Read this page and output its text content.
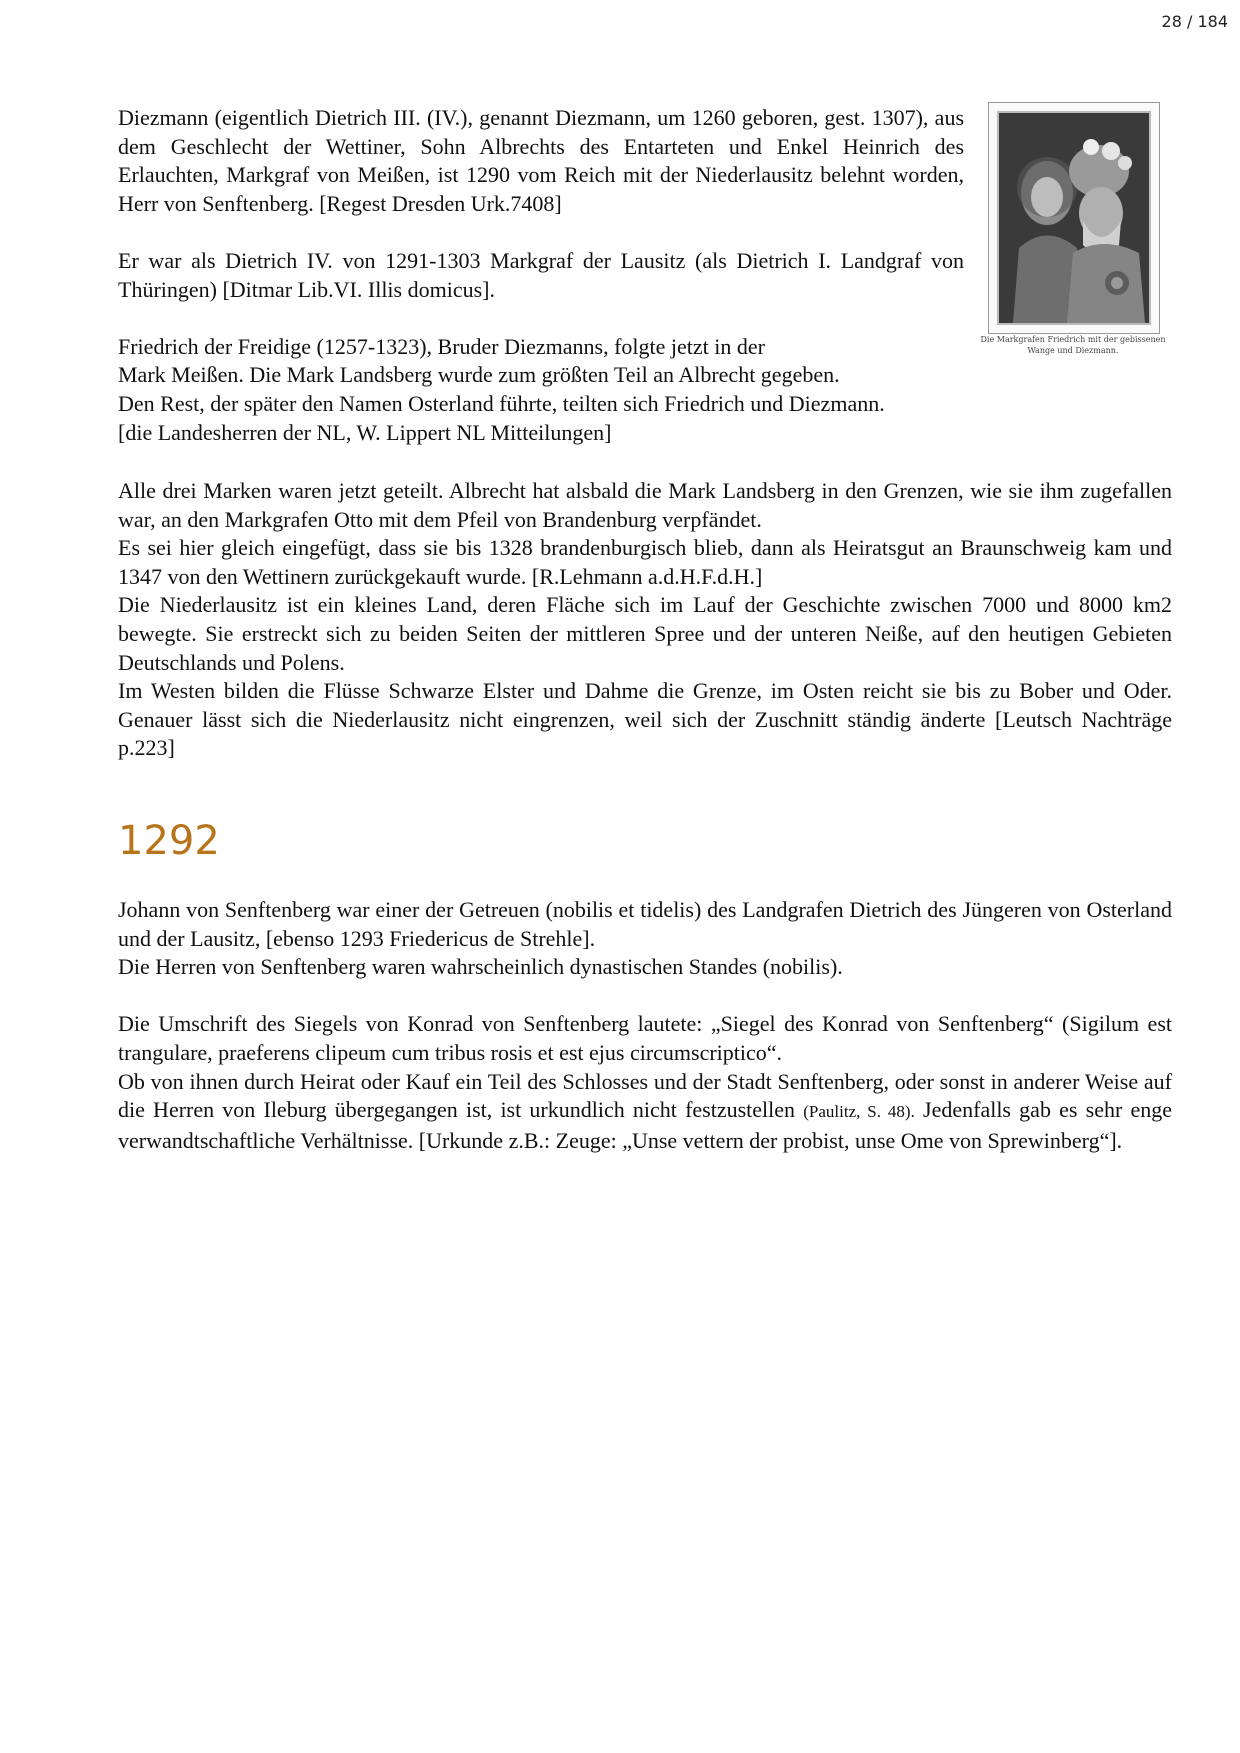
28 / 184

Diezmann (eigentlich Dietrich III. (IV.), genannt Diezmann, um 1260 geboren, gest. 1307), aus dem Geschlecht der Wettiner, Sohn Albrechts des Entarteten und Enkel Heinrich des Erlauchten, Markgraf von Meißen, ist 1290 vom Reich mit der Niederlausitz belehnt worden, Herr von Senftenberg. [Regest Dresden Urk.7408]

Er war als Dietrich IV. von 1291-1303 Markgraf der Lausitz (als Dietrich I. Landgraf von Thüringen) [Ditmar Lib.VI. Illis domicus].

Friedrich der Freidige (1257-1323), Bruder Diezmanns, folgte jetzt in der
Mark Meißen. Die Mark Landsberg wurde zum größten Teil an Albrecht gegeben.
Den Rest, der später den Namen Osterland führte, teilten sich Friedrich und Diezmann.
[die Landesherren der NL, W. Lippert NL Mitteilungen]

Die Markgrafen Friedrich mit der gebissenen Wange und Diezmann.

Alle drei Marken waren jetzt geteilt. Albrecht hat alsbald die Mark Landsberg in den Grenzen, wie sie ihm zugefallen war, an den Markgrafen Otto mit dem Pfeil von Brandenburg verpfändet.

Es sei hier gleich eingefügt, dass sie bis 1328 brandenburgisch blieb, dann als Heiratsgut an Braunschweig kam und 1347 von den Wettinern zurückgekauft wurde. [R.Lehmann a.d.H.F.d.H.]

Die Niederlausitz ist ein kleines Land, deren Fläche sich im Lauf der Geschichte zwischen 7000 und 8000 km2 bewegte. Sie erstreckt sich zu beiden Seiten der mittleren Spree und der unteren Neiße, auf den heutigen Gebieten Deutschlands und Polens.

Im Westen bilden die Flüsse Schwarze Elster und Dahme die Grenze, im Osten reicht sie bis zu Bober und Oder. Genauer lässt sich die Niederlausitz nicht eingrenzen, weil sich der Zuschnitt ständig änderte [Leutsch Nachträge p.223]

1292

Johann von Senftenberg war einer der Getreuen (nobilis et tidelis) des Landgrafen Dietrich des Jüngeren von Osterland und der Lausitz, [ebenso 1293 Friedericus de Strehle].

Die Herren von Senftenberg waren wahrscheinlich dynastischen Standes (nobilis).

Die Umschrift des Siegels von Konrad von Senftenberg lautete: „Siegel des Konrad von Senftenberg“ (Sigilum est trangulare, praeferens clipeum cum tribus rosis et est ejus circumscriptico“.

Ob von ihnen durch Heirat oder Kauf ein Teil des Schlosses und der Stadt Senftenberg, oder sonst in anderer Weise auf die Herren von Ileburg übergegangen ist, ist urkundlich nicht festzustellen (Paulitz, S. 48). Jedenfalls gab es sehr enge verwandtschaftliche Verhältnisse. [Urkunde z.B.: Zeuge: „Unse vettern der probist, unse Ome von Sprewinberg“].
